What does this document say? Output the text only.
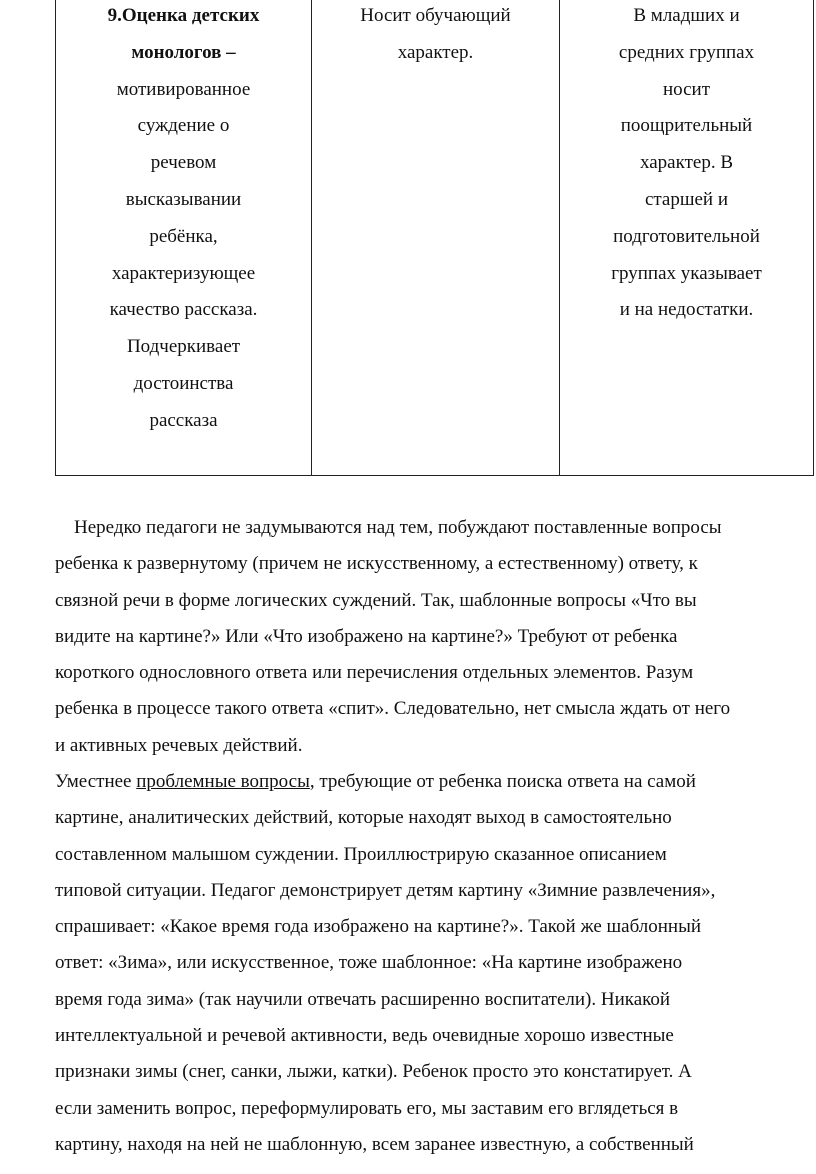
9.Оценка детских
монологов –
мотивированное
суждение о
речевом
высказывании
ребёнка,
характеризующее
качество рассказа.
Подчеркивает
достоинства
рассказа
Носит обучающий
характер.
В младших и
средних группах
носит
поощрительный
характер. В
старшей и
подготовительной
группах указывает
и на недостатки.
Нередко педагоги не задумываются над тем, побуждают поставленные вопросы
ребенка к развернутому (причем не искусственному, а естественному) ответу, к
связной речи в форме логических суждений. Так, шаблонные вопросы «Что вы
видите на картине?» Или «Что изображено на картине?» Требуют от ребенка
короткого однословного ответа или перечисления отдельных элементов. Разум
ребенка в процессе такого ответа «спит». Следовательно, нет смысла ждать от него
и активных речевых действий.
Уместнее проблемные вопросы, требующие от ребенка поиска ответа на самой
картине, аналитических действий, которые находят выход в самостоятельно
составленном малышом суждении. Проиллюстрирую сказанное описанием
типовой ситуации. Педагог демонстрирует детям картину «Зимние развлечения»,
спрашивает: «Какое время года изображено на картине?». Такой же шаблонный
ответ: «Зима», или искусственное, тоже шаблонное: «На картине изображено
время года зима» (так научили отвечать расширенно воспитатели). Никакой
интеллектуальной и речевой активности, ведь очевидные хорошо известные
признаки зимы (снег, санки, лыжи, катки). Ребенок просто это констатирует. А
если заменить вопрос, переформулировать его, мы заставим его вглядеться в
картину, находя на ней не шаблонную, всем заранее известную, а собственный
